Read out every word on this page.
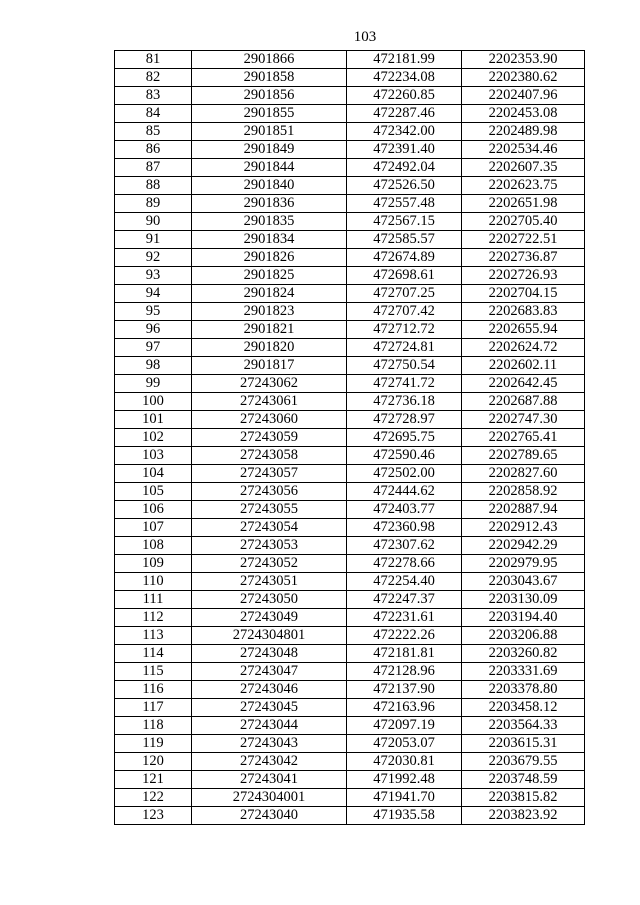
103
81	2901866	472181.99	2202353.90
82	2901858	472234.08	2202380.62
83	2901856	472260.85	2202407.96
84	2901855	472287.46	2202453.08
85	2901851	472342.00	2202489.98
86	2901849	472391.40	2202534.46
87	2901844	472492.04	2202607.35
88	2901840	472526.50	2202623.75
89	2901836	472557.48	2202651.98
90	2901835	472567.15	2202705.40
91	2901834	472585.57	2202722.51
92	2901826	472674.89	2202736.87
93	2901825	472698.61	2202726.93
94	2901824	472707.25	2202704.15
95	2901823	472707.42	2202683.83
96	2901821	472712.72	2202655.94
97	2901820	472724.81	2202624.72
98	2901817	472750.54	2202602.11
99	27243062	472741.72	2202642.45
100	27243061	472736.18	2202687.88
101	27243060	472728.97	2202747.30
102	27243059	472695.75	2202765.41
103	27243058	472590.46	2202789.65
104	27243057	472502.00	2202827.60
105	27243056	472444.62	2202858.92
106	27243055	472403.77	2202887.94
107	27243054	472360.98	2202912.43
108	27243053	472307.62	2202942.29
109	27243052	472278.66	2202979.95
110	27243051	472254.40	2203043.67
111	27243050	472247.37	2203130.09
112	27243049	472231.61	2203194.40
113	2724304801	472222.26	2203206.88
114	27243048	472181.81	2203260.82
115	27243047	472128.96	2203331.69
116	27243046	472137.90	2203378.80
117	27243045	472163.96	2203458.12
118	27243044	472097.19	2203564.33
119	27243043	472053.07	2203615.31
120	27243042	472030.81	2203679.55
121	27243041	471992.48	2203748.59
122	2724304001	471941.70	2203815.82
123	27243040	471935.58	2203823.92
